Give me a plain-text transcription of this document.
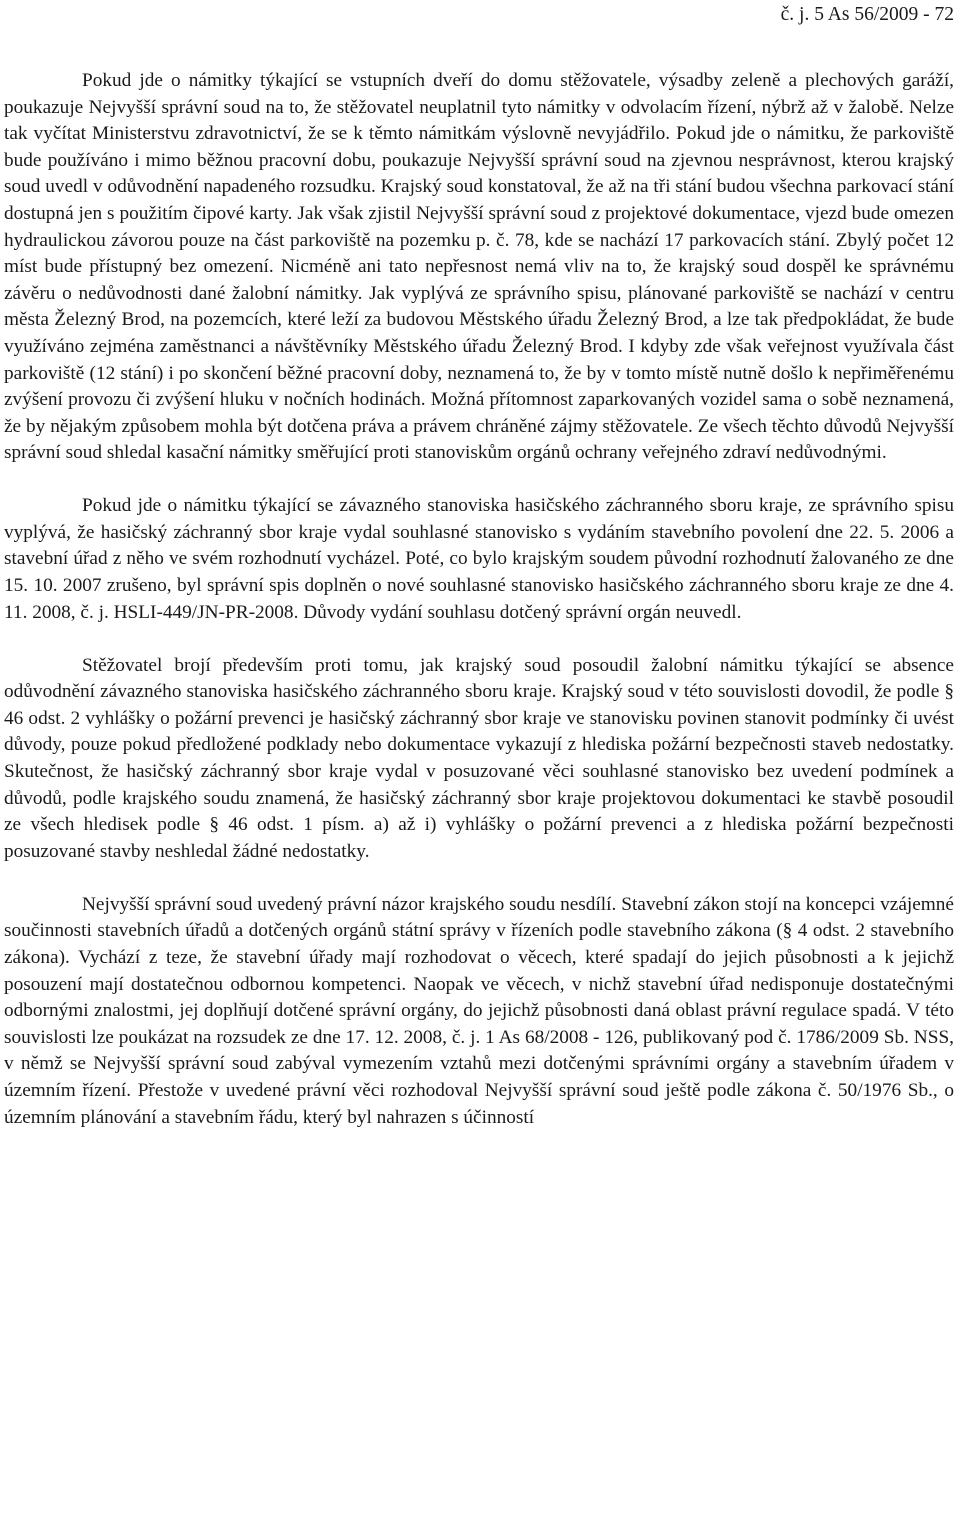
č. j. 5 As 56/2009 - 72

Pokud jde o námitky týkající se vstupních dveří do domu stěžovatele, výsadby zeleně a plechových garáží, poukazuje Nejvyšší správní soud na to, že stěžovatel neuplatnil tyto námitky v odvolacím řízení, nýbrž až v žalobě. Nelze tak vyčítat Ministerstvu zdravotnictví, že se k těmto námitkám výslovně nevyjádřilo. Pokud jde o námitku, že parkoviště bude používáno i mimo běžnou pracovní dobu, poukazuje Nejvyšší správní soud na zjevnou nesprávnost, kterou krajský soud uvedl v odůvodnění napadeného rozsudku. Krajský soud konstatoval, že až na tři stání budou všechna parkovací stání dostupná jen s použitím čipové karty. Jak však zjistil Nejvyšší správní soud z projektové dokumentace, vjezd bude omezen hydraulickou závorou pouze na část parkoviště na pozemku p. č. 78, kde se nachází 17 parkovacích stání. Zbylý počet 12 míst bude přístupný bez omezení. Nicméně ani tato nepřesnost nemá vliv na to, že krajský soud dospěl ke správnému závěru o nedůvodnosti dané žalobní námitky. Jak vyplývá ze správního spisu, plánované parkoviště se nachází v centru města Železný Brod, na pozemcích, které leží za budovou Městského úřadu Železný Brod, a lze tak předpokládat, že bude využíváno zejména zaměstnanci a návštěvníky Městského úřadu Železný Brod. I kdyby zde však veřejnost využívala část parkoviště (12 stání) i po skončení běžné pracovní doby, neznamená to, že by v tomto místě nutně došlo k nepřiměřenému zvýšení provozu či zvýšení hluku v nočních hodinách. Možná přítomnost zaparkovaných vozidel sama o sobě neznamená, že by nějakým způsobem mohla být dotčena práva a právem chráněné zájmy stěžovatele. Ze všech těchto důvodů Nejvyšší správní soud shledal kasační námitky směřující proti stanoviskům orgánů ochrany veřejného zdraví nedůvodnými.

Pokud jde o námitku týkající se závazného stanoviska hasičského záchranného sboru kraje, ze správního spisu vyplývá, že hasičský záchranný sbor kraje vydal souhlasné stanovisko s vydáním stavebního povolení dne 22. 5. 2006 a stavební úřad z něho ve svém rozhodnutí vycházel. Poté, co bylo krajským soudem původní rozhodnutí žalovaného ze dne 15. 10. 2007 zrušeno, byl správní spis doplněn o nové souhlasné stanovisko hasičského záchranného sboru kraje ze dne 4. 11. 2008, č. j. HSLI-449/JN-PR-2008. Důvody vydání souhlasu dotčený správní orgán neuvedl.

Stěžovatel brojí především proti tomu, jak krajský soud posoudil žalobní námitku týkající se absence odůvodnění závazného stanoviska hasičského záchranného sboru kraje. Krajský soud v této souvislosti dovodil, že podle § 46 odst. 2 vyhlášky o požární prevenci je hasičský záchranný sbor kraje ve stanovisku povinen stanovit podmínky či uvést důvody, pouze pokud předložené podklady nebo dokumentace vykazují z hlediska požární bezpečnosti staveb nedostatky. Skutečnost, že hasičský záchranný sbor kraje vydal v posuzované věci souhlasné stanovisko bez uvedení podmínek a důvodů, podle krajského soudu znamená, že hasičský záchranný sbor kraje projektovou dokumentaci ke stavbě posoudil ze všech hledisek podle § 46 odst. 1 písm. a) až i) vyhlášky o požární prevenci a z hlediska požární bezpečnosti posuzované stavby neshledal žádné nedostatky.

Nejvyšší správní soud uvedený právní názor krajského soudu nesdílí. Stavební zákon stojí na koncepci vzájemné součinnosti stavebních úřadů a dotčených orgánů státní správy v řízeních podle stavebního zákona (§ 4 odst. 2 stavebního zákona). Vychází z teze, že stavební úřady mají rozhodovat o věcech, které spadají do jejich působnosti a k jejichž posouzení mají dostatečnou odbornou kompetenci. Naopak ve věcech, v nichž stavební úřad nedisponuje dostatečnými odbornými znalostmi, jej doplňují dotčené správní orgány, do jejichž působnosti daná oblast právní regulace spadá. V této souvislosti lze poukázat na rozsudek ze dne 17. 12. 2008, č. j. 1 As 68/2008 - 126, publikovaný pod č. 1786/2009 Sb. NSS, v němž se Nejvyšší správní soud zabýval vymezením vztahů mezi dotčenými správními orgány a stavebním úřadem v územním řízení. Přestože v uvedené právní věci rozhodoval Nejvyšší správní soud ještě podle zákona č. 50/1976 Sb., o územním plánování a stavebním řádu, který byl nahrazen s účinností
